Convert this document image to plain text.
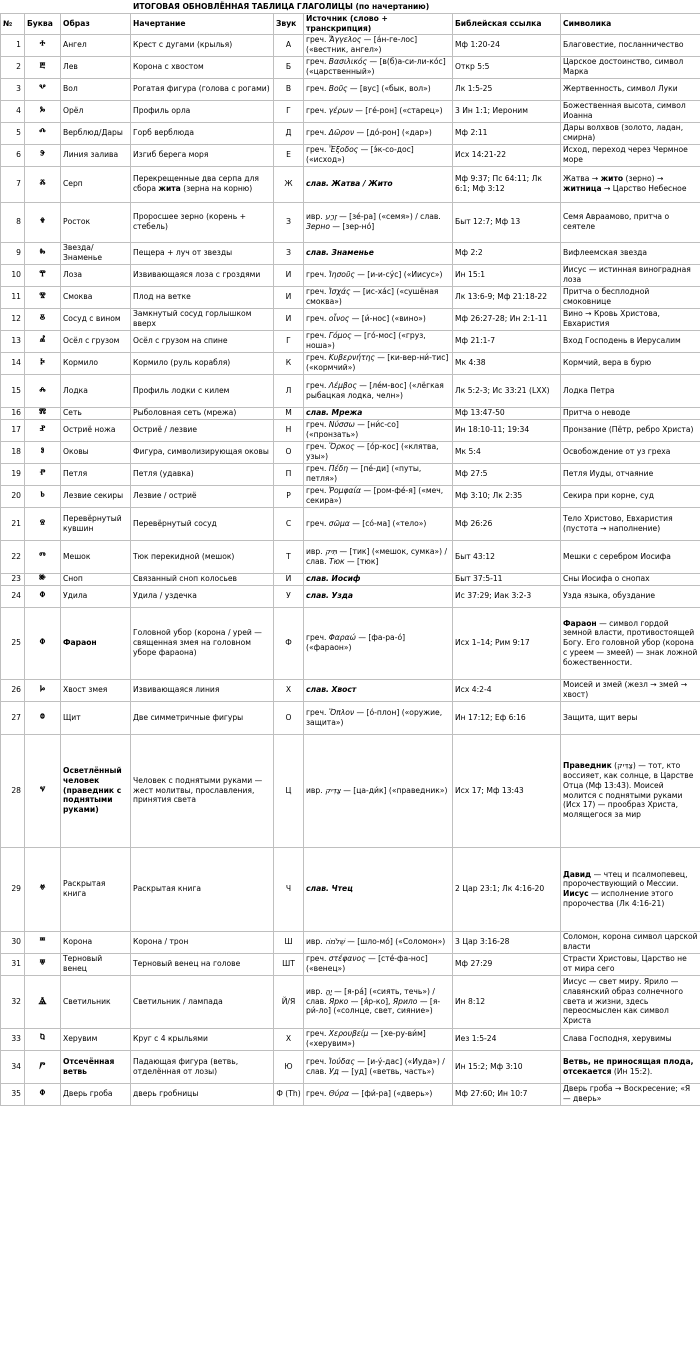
ИТОГОВАЯ ОБНОВЛЁННАЯ ТАБЛИЦА ГЛАГОЛИЦЫ (по начертанию)
№	Буква	Образ	Начертание	Звук	Источник (слово + транскрипция)	Библейская ссылка	Символика
1	ⰰ	Ангел	Крест с дугами (крылья)	А	греч. Ἄγγελος — [а́н-ге-лос] («вестник, ангел»)	Мф 1:20-24	Благовестие, посланничество
2	ⰱ	Лев	Корона с хвостом	Б	греч. Βασιλικός — [в(б)а-си-ли-ко́с] («царственный»)	Откр 5:5	Царское достоинство, символ Марка
3	ⰲ	Вол	Рогатая фигура (голова с рогами)	В	греч. Βοῦς — [вус] («бык, вол»)	Лк 1:5-25	Жертвенность, символ Луки
4	ⰳ	Орёл	Профиль орла	Г	греч. γέρων — [ге́-рон] («старец»)	3 Ин 1:1; Иероним	Божественная высота, символ Иоанна
5	ⰴ	Верблюд/Дары	Горб верблюда	Д	греч. Δῶρον — [до́-рон] («дар»)	Мф 2:11	Дары волхвов (золото, ладан, смирна)
6	ⰵ	Линия залива	Изгиб берега моря	Е	греч. Ἔξοδος — [э́к-со-дос] («исход»)	Исх 14:21-22	Исход, переход через Чермное море
7	ⰶ	Серп	Перекрещенные два серпа для сбора жита (зерна на корню)	Ж	слав. Жатва / Жито	Мф 9:37; Пс 64:11; Лк 6:1; Мф 3:12	Жатва → жито (зерно) → житница → Царство Небесное
8	ⰷ	Росток	Проросшее зерно (корень + стебель)	З	ивр. זֶרַע — [зе́-ра] («семя») / слав. Зерно — [зер-но́]	Быт 12:7; Мф 13	Семя Авраамово, притча о сеятеле
9	ⰸ	Звезда/Знаменье	Пещера + луч от звезды	З	слав. Знаменье	Мф 2:2	Вифлеемская звезда
10	ⰹ	Лоза	Извивающаяся лоза с гроздями	И	греч. Ἰησοῦς — [и-и-су́с] («Иисус»)	Ин 15:1	Иисус — истинная виноградная лоза
11	ⰺ	Смоква	Плод на ветке	И	греч. Ἰσχάς — [ис-ха́с] («сушёная смоква»)	Лк 13:6-9; Мф 21:18-22	Притча о бесплодной смоковнице
12	ⰻ	Сосуд с вином	Замкнутый сосуд горлышком вверх	И	греч. οἶνος — [и́-нос] («вино»)	Мф 26:27-28; Ин 2:1-11	Вино → Кровь Христова, Евхаристия
13	ⰼ	Осёл с грузом	Осёл с грузом на спине	Г	греч. Γόμος — [го́-мос] («груз, ноша»)	Мф 21:1-7	Вход Господень в Иерусалим
14	ⰽ	Кормило	Кормило (руль корабля)	К	греч. Κυβερνήτης — [ки-вер-ни́-тис] («кормчий»)	Мк 4:38	Кормчий, вера в бурю
15	ⰾ	Лодка	Профиль лодки с килем	Л	греч. Λέμβος — [ле́м-вос] («лёгкая рыбацкая лодка, челн»)	Лк 5:2-3; Ис 33:21 (LXX)	Лодка Петра
16	ⰿ	Сеть	Рыболовная сеть (мрежа)	М	слав. Мрежа	Мф 13:47-50	Притча о неводе
17	ⱀ	Остриё ножа	Остриё / лезвие	Н	греч. Νύσσω — [ни́с-со] («пронзать»)	Ин 18:10-11; 19:34	Пронзание (Пётр, ребро Христа)
18	ⱁ	Оковы	Фигура, символизирующая оковы	О	греч. Ὅρκος — [о́р-кос] («клятва, узы»)	Мк 5:4	Освобождение от уз греха
19	ⱂ	Петля	Петля (удавка)	П	греч. Πέδη — [пе́-ди] («путы, петля»)	Мф 27:5	Петля Иуды, отчаяние
20	ⱃ	Лезвие секиры	Лезвие / остриё	Р	греч. Ῥομφαία — [ром-фе́-я] («меч, секира»)	Мф 3:10; Лк 2:35	Секира при корне, суд
21	ⱄ	Перевёрнутый кувшин	Перевёрнутый сосуд	С	греч. σῶμα — [со́-ма] («тело»)	Мф 26:26	Тело Христово, Евхаристия (пустота → наполнение)
22	ⱅ	Мешок	Тюк перекидной (мешок)	Т	ивр. תִּיק — [тик] («мешок, сумка») / слав. Тюк — [тюк]	Быт 43:12	Мешки с серебром Иосифа
23	ⱆ	Сноп	Связанный сноп колосьев	И	слав. Иосиф	Быт 37:5-11	Сны Иосифа о снопах
24	ⱇ	Удила	Удила / уздечка	У	слав. Узда	Ис 37:29; Иак 3:2-3	Узда языка, обуздание
25	ⱇ	Фараон	Головной убор (корона / урей — священная змея на головном уборе фараона)	Ф	греч. Φαραώ — [фа-ра-о́] («фараон»)	Исх 1–14; Рим 9:17	Фараон — символ гордой земной власти, противостоящей Богу. Его головной убор (корона с уреем — змеей) — знак ложной божественности.
26	ⱈ	Хвост змея	Извивающаяся линия	Х	слав. Хвост	Исх 4:2-4	Моисей и змей (жезл → змей → хвост)
27	ⱉ	Щит	Две симметричные фигуры	О	греч. Ὅπλον — [о́-плон] («оружие, защита»)	Ин 17:12; Еф 6:16	Защита, щит веры
28	ⱌ	Осветлённый человек (праведник с поднятыми руками)	Человек с поднятыми руками — жест молитвы, прославления, принятия света	Ц	ивр. צַדִּיק — [ца-ди́к] («праведник»)	Исх 17; Мф 13:43	Праведник (צַדִּיק) — тот, кто воссияет, как солнце, в Царстве Отца (Мф 13:43). Моисей молится с поднятыми руками (Исх 17) — прообраз Христа, молящегося за мир
29	ⱍ	Раскрытая книга	Раскрытая книга	Ч	слав. Чтец	2 Цар 23:1; Лк 4:16-20	Давид — чтец и псалмопевец, пророчествующий о Мессии. Иисус — исполнение этого пророчества (Лк 4:16-21)
30	ⱎ	Корона	Корона / трон	Ш	ивр. שְׁלֹמֹה — [шло-мо́] («Соломон»)	3 Цар 3:16-28	Соломон, корона символ царской власти
31	ⱋ	Терновый венец	Терновый венец на голове	ШТ	греч. στέφανος — [сте́-фа-нос] («венец»)	Мф 27:29	Страсти Христовы, Царство не от мира сего
32	Ⱑ	Светильник	Светильник / лампада	Й/Я	ивр. יָהַּ — [я-ра́] («сиять, течь») / слав. Ярко — [я́р-ко], Ярило — [я-ри́-ло] («солнце, свет, сияние»)	Ин 8:12	Иисус — свет миру. Ярило — славянский образ солнечного света и жизни, здесь переосмыслен как символ Христа
33	ⱒ	Херувим	Круг с 4 крыльями	Х	греч. Χερουβείμ — [хе-ру-ви́м] («херувим»)	Иез 1:5-24	Слава Господня, херувимы
34	ⱓ	Отсечённая ветвь	Падающая фигура (ветвь, отделённая от лозы)	Ю	греч. Ἰούδας — [и-у́-дас] («Иуда») / слав. Уд — [уд] («ветвь, часть»)	Ин 15:2; Мф 3:10	Ветвь, не приносящая плода, отсекается (Ин 15:2).
35	ⱇ	Дверь гроба	дверь гробницы	Ф (Th)	греч. Θύρα — [фи́-ра] («дверь»)	Мф 27:60; Ин 10:7	Дверь гроба → Воскресение; «Я — дверь»
